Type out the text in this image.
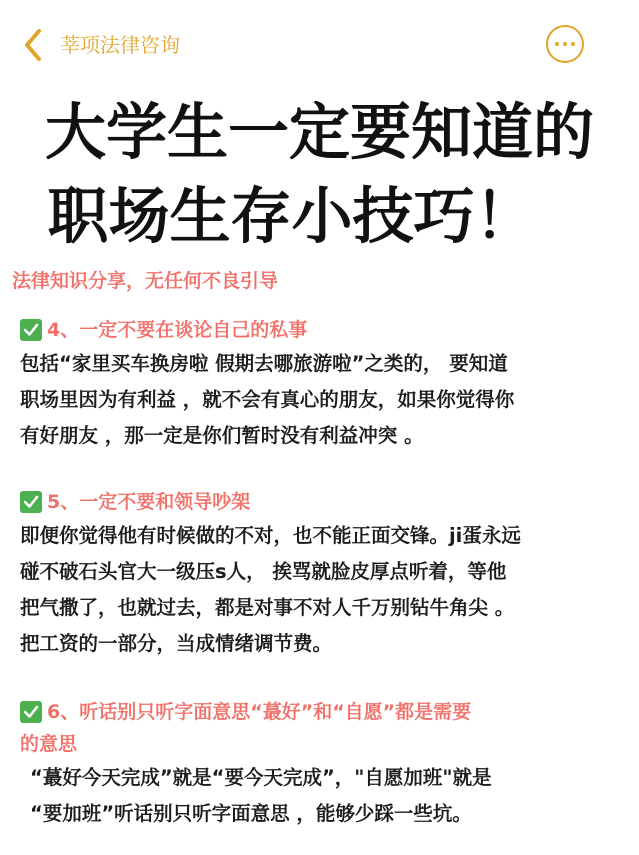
莘项法律咨询
大学生一定要知道的
职场生存小技巧！
法律知识分享，无任何不良引导
4、一定不要在谈论自己的私事
包括“家里买车换房啦 假期去哪旅游啦”之类的， 要知道
职场里因为有利益 ，就不会有真心的朋友，如果你觉得你
有好朋友 ，那一定是你们暂时没有利益冲突 。
5、一定不要和领导吵架
即便你觉得他有时候做的不对，也不能正面交锋。ji蛋永远
碰不破石头官大一级压s人， 挨骂就脸皮厚点听着，等他
把气撒了，也就过去，都是对事不对人千万别钻牛角尖 。
把工资的一部分，当成情绪调节费。
6、听话别只听字面意思“蕞好”和“自愿”都是需要
的意思
“蕞好今天完成”就是“要今天完成”，"自愿加班"就是
“要加班”听话别只听字面意思 ，能够少踩一些坑。
